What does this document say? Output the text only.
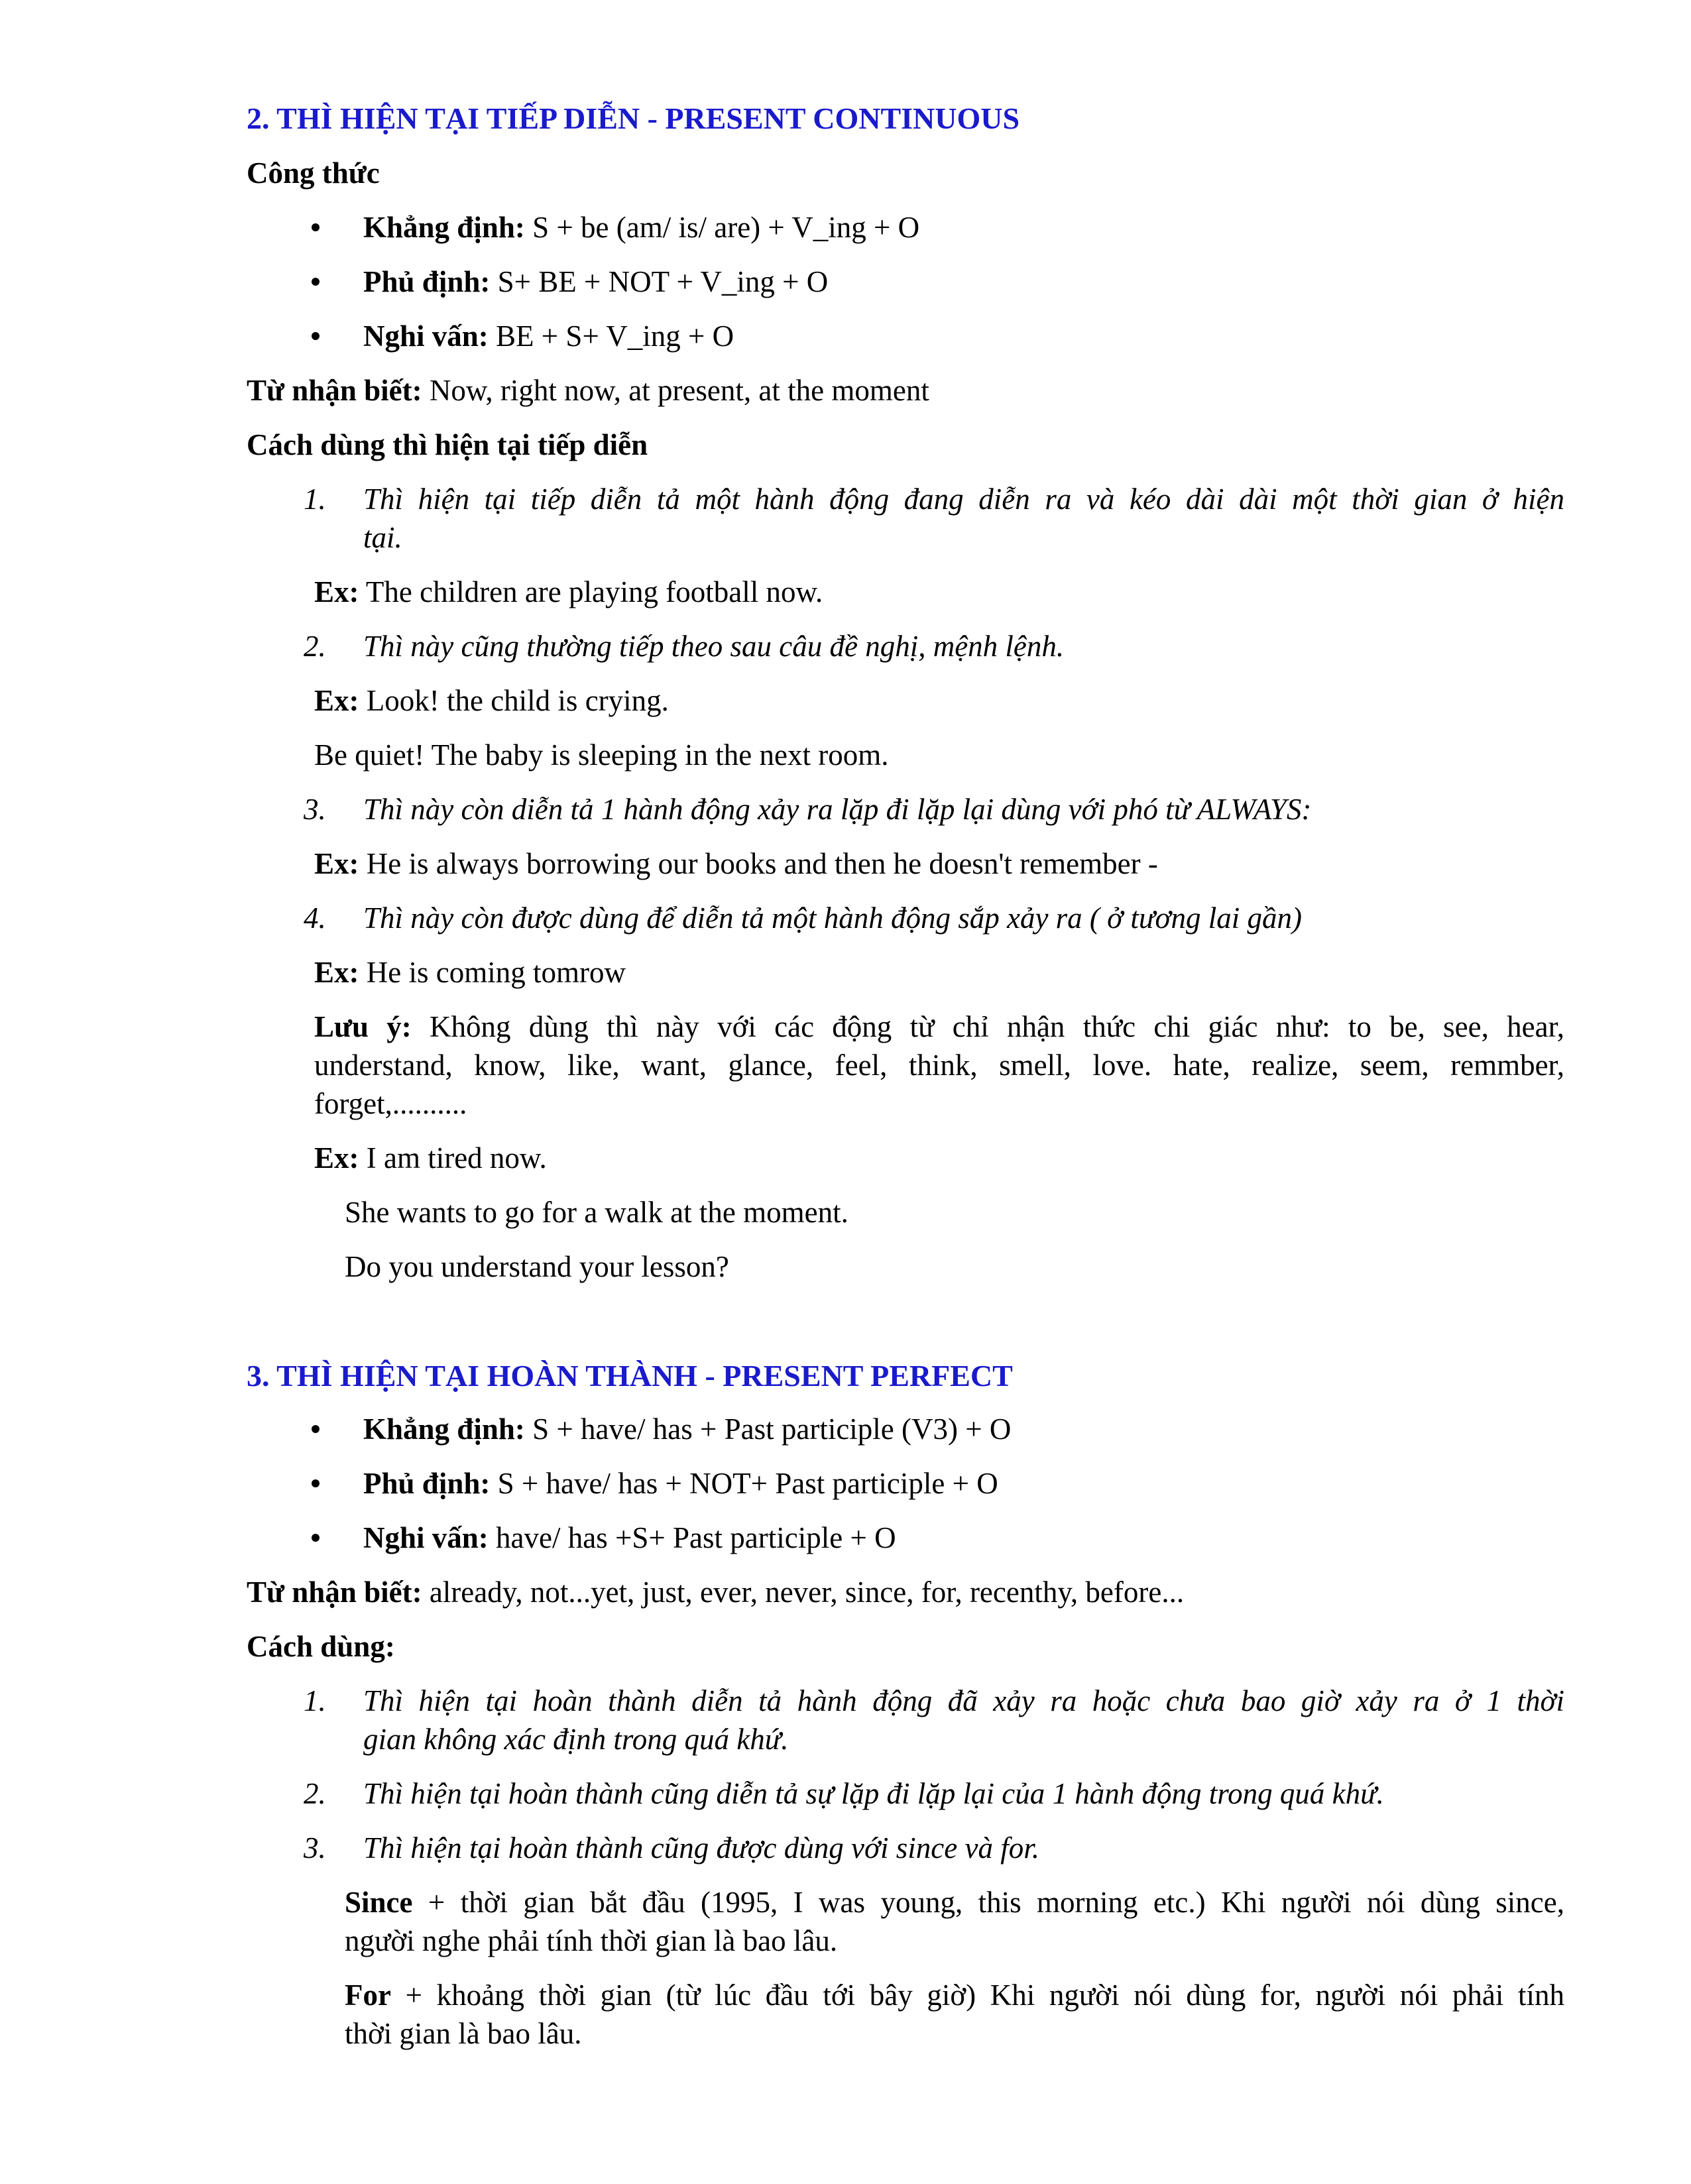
2. THÌ HIỆN TẠI TIẾP DIỄN - PRESENT CONTINUOUS
Công thức
Khẳng định: S + be (am/ is/ are) + V_ing + O
Phủ định: S+ BE + NOT + V_ing + O
Nghi vấn: BE + S+ V_ing + O
Từ nhận biết: Now, right now, at present, at the moment
Cách dùng thì hiện tại tiếp diễn
1. Thì hiện tại tiếp diễn tả một hành động đang diễn ra và kéo dài dài một thời gian ở hiện
tại.
Ex: The children are playing football now.
2. Thì này cũng thường tiếp theo sau câu đề nghị, mệnh lệnh.
Ex: Look! the child is crying.
Be quiet! The baby is sleeping in the next room.
3. Thì này còn diễn tả 1 hành động xảy ra lặp đi lặp lại dùng với phó từ ALWAYS:
Ex: He is always borrowing our books and then he doesn't remember -
4. Thì này còn được dùng để diễn tả một hành động sắp xảy ra ( ở tương lai gần)
Ex: He is coming tomrow
Lưu ý: Không dùng thì này với các động từ chỉ nhận thức chi giác như: to be, see, hear,
understand, know, like, want, glance, feel, think, smell, love. hate, realize, seem, remmber,
forget,..........
Ex: I am tired now.
She wants to go for a walk at the moment.
Do you understand your lesson?
3. THÌ HIỆN TẠI HOÀN THÀNH - PRESENT PERFECT
Khẳng định: S + have/ has + Past participle (V3) + O
Phủ định: S + have/ has + NOT+ Past participle + O
Nghi vấn: have/ has +S+ Past participle + O
Từ nhận biết: already, not...yet, just, ever, never, since, for, recenthy, before...
Cách dùng:
1. Thì hiện tại hoàn thành diễn tả hành động đã xảy ra hoặc chưa bao giờ xảy ra ở 1 thời
gian không xác định trong quá khứ.
2. Thì hiện tại hoàn thành cũng diễn tả sự lặp đi lặp lại của 1 hành động trong quá khứ.
3. Thì hiện tại hoàn thành cũng được dùng với since và for.
Since + thời gian bắt đầu (1995, I was young, this morning etc.) Khi người nói dùng since,
người nghe phải tính thời gian là bao lâu.
For + khoảng thời gian (từ lúc đầu tới bây giờ) Khi người nói dùng for, người nói phải tính
thời gian là bao lâu.
